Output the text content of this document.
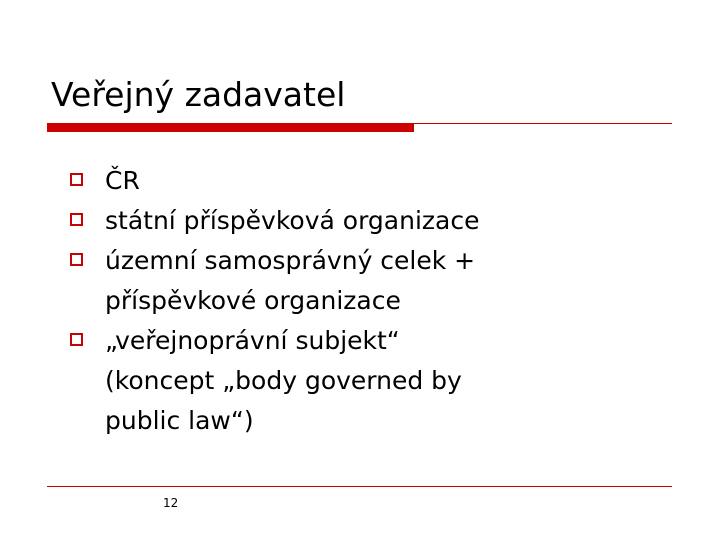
Veřejný zadavatel
ČR
státní příspěvková organizace
územní samosprávný celek +
příspěvkové organizace
„veřejnoprávní subjekt“
(koncept „body governed by
public law“)
12
